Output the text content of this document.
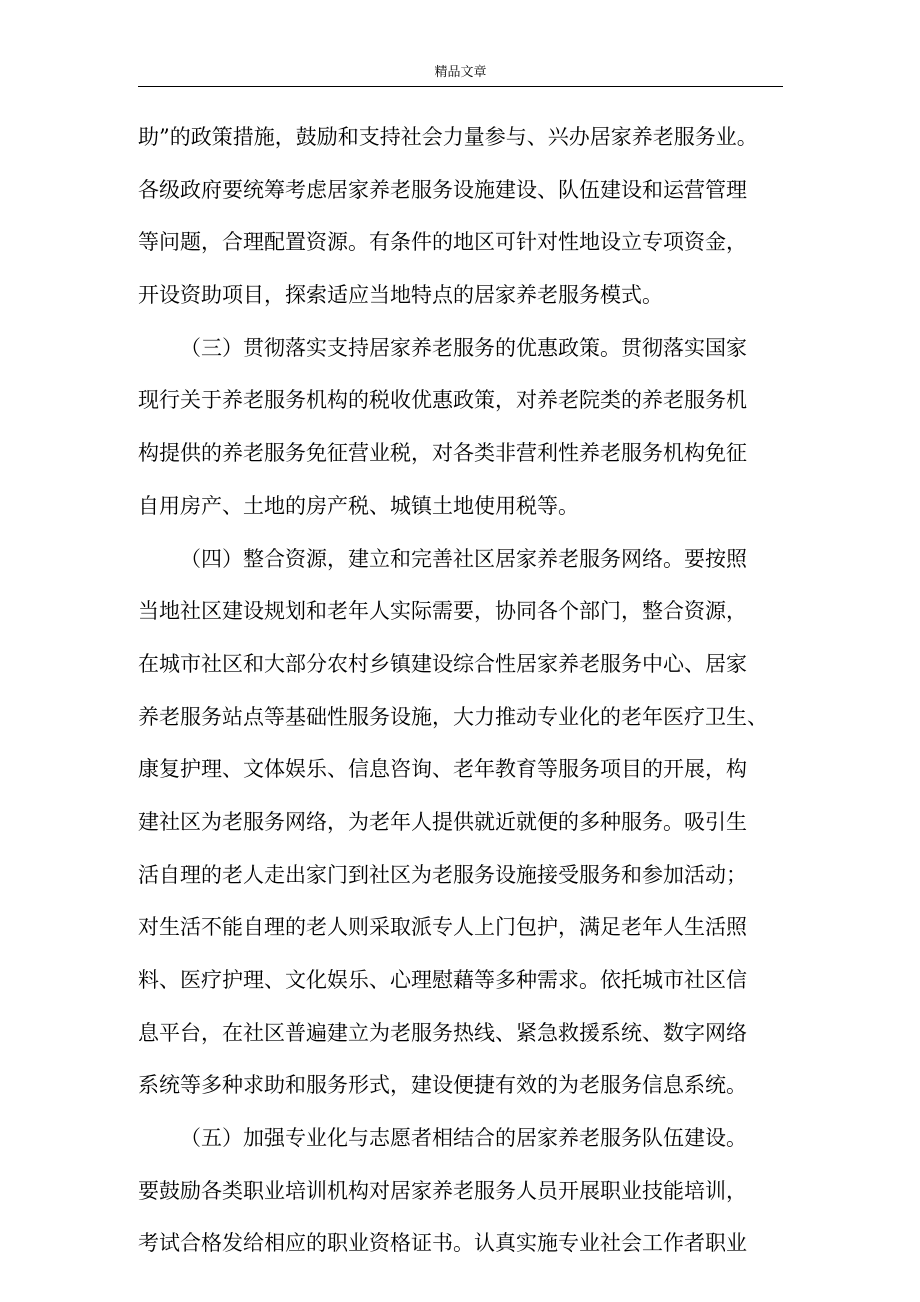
精品文章
助”的政策措施，鼓励和支持社会力量参与、兴办居家养老服务业。
各级政府要统筹考虑居家养老服务设施建设、队伍建设和运营管理
等问题，合理配置资源。有条件的地区可针对性地设立专项资金，
开设资助项目，探索适应当地特点的居家养老服务模式。
（三）贯彻落实支持居家养老服务的优惠政策。贯彻落实国家
现行关于养老服务机构的税收优惠政策，对养老院类的养老服务机
构提供的养老服务免征营业税，对各类非营利性养老服务机构免征
自用房产、土地的房产税、城镇土地使用税等。
（四）整合资源，建立和完善社区居家养老服务网络。要按照
当地社区建设规划和老年人实际需要，协同各个部门，整合资源，
在城市社区和大部分农村乡镇建设综合性居家养老服务中心、居家
养老服务站点等基础性服务设施，大力推动专业化的老年医疗卫生、
康复护理、文体娱乐、信息咨询、老年教育等服务项目的开展，构
建社区为老服务网络，为老年人提供就近就便的多种服务。吸引生
活自理的老人走出家门到社区为老服务设施接受服务和参加活动；
对生活不能自理的老人则采取派专人上门包护，满足老年人生活照
料、医疗护理、文化娱乐、心理慰藉等多种需求。依托城市社区信
息平台，在社区普遍建立为老服务热线、紧急救援系统、数字网络
系统等多种求助和服务形式，建设便捷有效的为老服务信息系统。
（五）加强专业化与志愿者相结合的居家养老服务队伍建设。
要鼓励各类职业培训机构对居家养老服务人员开展职业技能培训，
考试合格发给相应的职业资格证书。认真实施专业社会工作者职业
